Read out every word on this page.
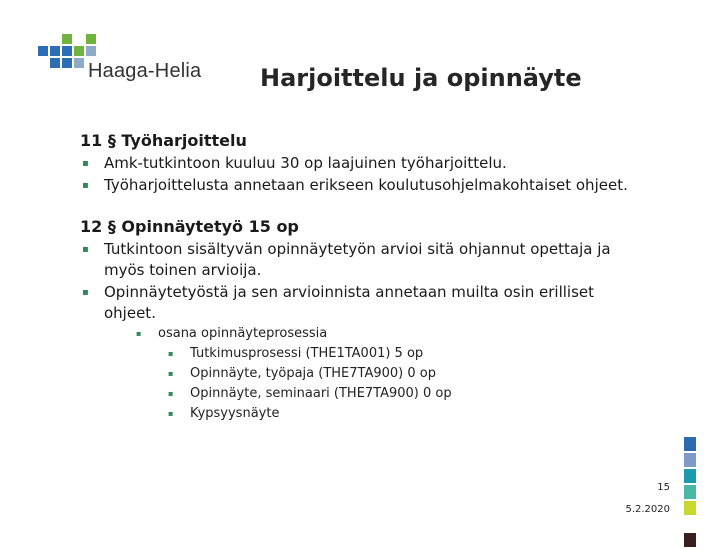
Haaga-Helia Harjoittelu ja opinnäyte
11 § Työharjoittelu
▪
Amk-tutkintoon kuuluu 30 op laajuinen työharjoittelu.
▪
Työharjoittelusta annetaan erikseen koulutusohjelmakohtaiset ohjeet.
12 § Opinnäytetyö 15 op
▪
Tutkintoon sisältyvän opinnäytetyön arvioi sitä ohjannut opettaja ja myös toinen arvioija.
▪
Opinnäytetyöstä ja sen arvioinnista annetaan muilta osin erilliset ohjeet.
▪
osana opinnäyteprosessia
▪
Tutkimusprosessi (THE1TA001) 5 op
▪
Opinnäyte, työpaja (THE7TA900) 0 op
▪
Opinnäyte, seminaari (THE7TA900) 0 op
▪
Kypsyysnäyte
15
5.2.2020
